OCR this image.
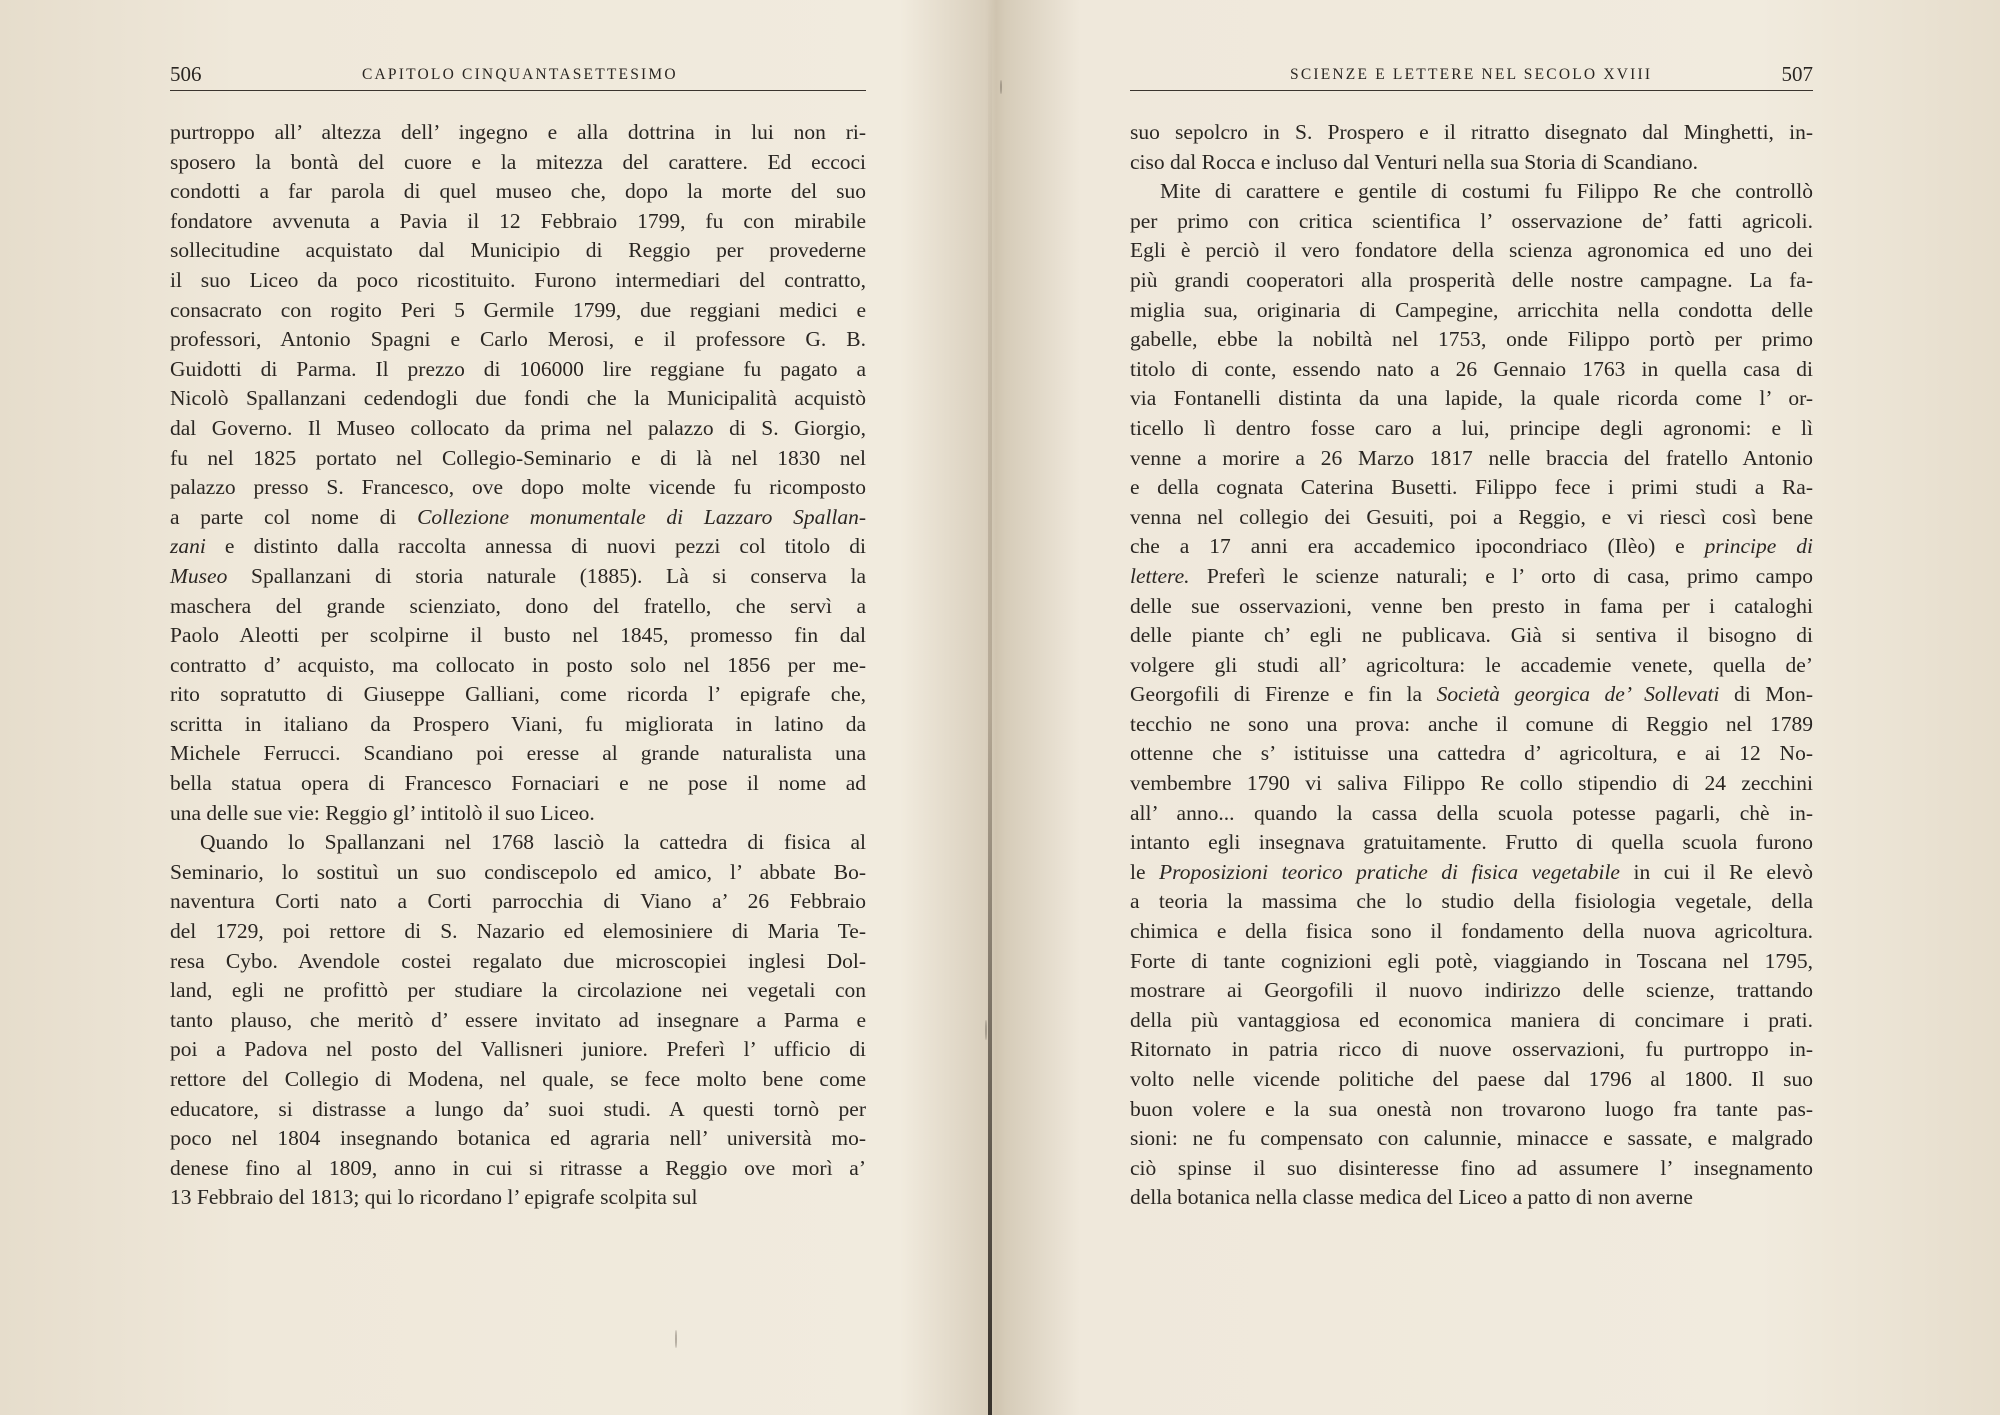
506	CAPITOLO CINQUANTASETTESIMO
purtroppo all’ altezza dell’ ingegno e alla dottrina in lui non ri-
sposero la bontà del cuore e la mitezza del carattere. Ed eccoci
condotti a far parola di quel museo che, dopo la morte del suo
fondatore avvenuta a Pavia il 12 Febbraio 1799, fu con mirabile
sollecitudine acquistato dal Municipio di Reggio per provederne
il suo Liceo da poco ricostituito. Furono intermediari del contratto,
consacrato con rogito Peri 5 Germile 1799, due reggiani medici e
professori, Antonio Spagni e Carlo Merosi, e il professore G. B.
Guidotti di Parma. Il prezzo di 106000 lire reggiane fu pagato a
Nicolò Spallanzani cedendogli due fondi che la Municipalità acquistò
dal Governo. Il Museo collocato da prima nel palazzo di S. Giorgio,
fu nel 1825 portato nel Collegio-Seminario e di là nel 1830 nel
palazzo presso S. Francesco, ove dopo molte vicende fu ricomposto
a parte col nome di Collezione monumentale di Lazzaro Spallan-
zani e distinto dalla raccolta annessa di nuovi pezzi col titolo di
Museo Spallanzani di storia naturale (1885). Là si conserva la
maschera del grande scienziato, dono del fratello, che servì a
Paolo Aleotti per scolpirne il busto nel 1845, promesso fin dal
contratto d’ acquisto, ma collocato in posto solo nel 1856 per me-
rito sopratutto di Giuseppe Galliani, come ricorda l’ epigrafe che,
scritta in italiano da Prospero Viani, fu migliorata in latino da
Michele Ferrucci. Scandiano poi eresse al grande naturalista una
bella statua opera di Francesco Fornaciari e ne pose il nome ad
una delle sue vie: Reggio gl’ intitolò il suo Liceo.
Quando lo Spallanzani nel 1768 lasciò la cattedra di fisica al
Seminario, lo sostituì un suo condiscepolo ed amico, l’ abbate Bo-
naventura Corti nato a Corti parrocchia di Viano a’ 26 Febbraio
del 1729, poi rettore di S. Nazario ed elemosiniere di Maria Te-
resa Cybo. Avendole costei regalato due microscopiei inglesi Dol-
land, egli ne profittò per studiare la circolazione nei vegetali con
tanto plauso, che meritò d’ essere invitato ad insegnare a Parma e
poi a Padova nel posto del Vallisneri juniore. Preferì l’ ufficio di
rettore del Collegio di Modena, nel quale, se fece molto bene come
educatore, si distrasse a lungo da’ suoi studi. A questi tornò per
poco nel 1804 insegnando botanica ed agraria nell’ università mo-
denese fino al 1809, anno in cui si ritrasse a Reggio ove morì a’
13 Febbraio del 1813; qui lo ricordano l’ epigrafe scolpita sul
SCIENZE E LETTERE NEL SECOLO XVIII	507
suo sepolcro in S. Prospero e il ritratto disegnato dal Minghetti, in-
ciso dal Rocca e incluso dal Venturi nella sua Storia di Scandiano.
Mite di carattere e gentile di costumi fu Filippo Re che controllò
per primo con critica scientifica l’ osservazione de’ fatti agricoli.
Egli è perciò il vero fondatore della scienza agronomica ed uno dei
più grandi cooperatori alla prosperità delle nostre campagne. La fa-
miglia sua, originaria di Campegine, arricchita nella condotta delle
gabelle, ebbe la nobiltà nel 1753, onde Filippo portò per primo
titolo di conte, essendo nato a 26 Gennaio 1763 in quella casa di
via Fontanelli distinta da una lapide, la quale ricorda come l’ or-
ticello lì dentro fosse caro a lui, principe degli agronomi: e lì
venne a morire a 26 Marzo 1817 nelle braccia del fratello Antonio
e della cognata Caterina Busetti. Filippo fece i primi studi a Ra-
venna nel collegio dei Gesuiti, poi a Reggio, e vi riescì così bene
che a 17 anni era accademico ipocondriaco (Ilèo) e principe di
lettere. Preferì le scienze naturali; e l’ orto di casa, primo campo
delle sue osservazioni, venne ben presto in fama per i cataloghi
delle piante ch’ egli ne publicava. Già si sentiva il bisogno di
volgere gli studi all’ agricoltura: le accademie venete, quella de’
Georgofili di Firenze e fin la Società georgica de’ Sollevati di Mon-
tecchio ne sono una prova: anche il comune di Reggio nel 1789
ottenne che s’ istituisse una cattedra d’ agricoltura, e ai 12 No-
vembembre 1790 vi saliva Filippo Re collo stipendio di 24 zecchini
all’ anno... quando la cassa della scuola potesse pagarli, chè in-
intanto egli insegnava gratuitamente. Frutto di quella scuola furono
le Proposizioni teorico pratiche di fisica vegetabile in cui il Re elevò
a teoria la massima che lo studio della fisiologia vegetale, della
chimica e della fisica sono il fondamento della nuova agricoltura.
Forte di tante cognizioni egli potè, viaggiando in Toscana nel 1795,
mostrare ai Georgofili il nuovo indirizzo delle scienze, trattando
della più vantaggiosa ed economica maniera di concimare i prati.
Ritornato in patria ricco di nuove osservazioni, fu purtroppo in-
volto nelle vicende politiche del paese dal 1796 al 1800. Il suo
buon volere e la sua onestà non trovarono luogo fra tante pas-
sioni: ne fu compensato con calunnie, minacce e sassate, e malgrado
ciò spinse il suo disinteresse fino ad assumere l’ insegnamento
della botanica nella classe medica del Liceo a patto di non averne
